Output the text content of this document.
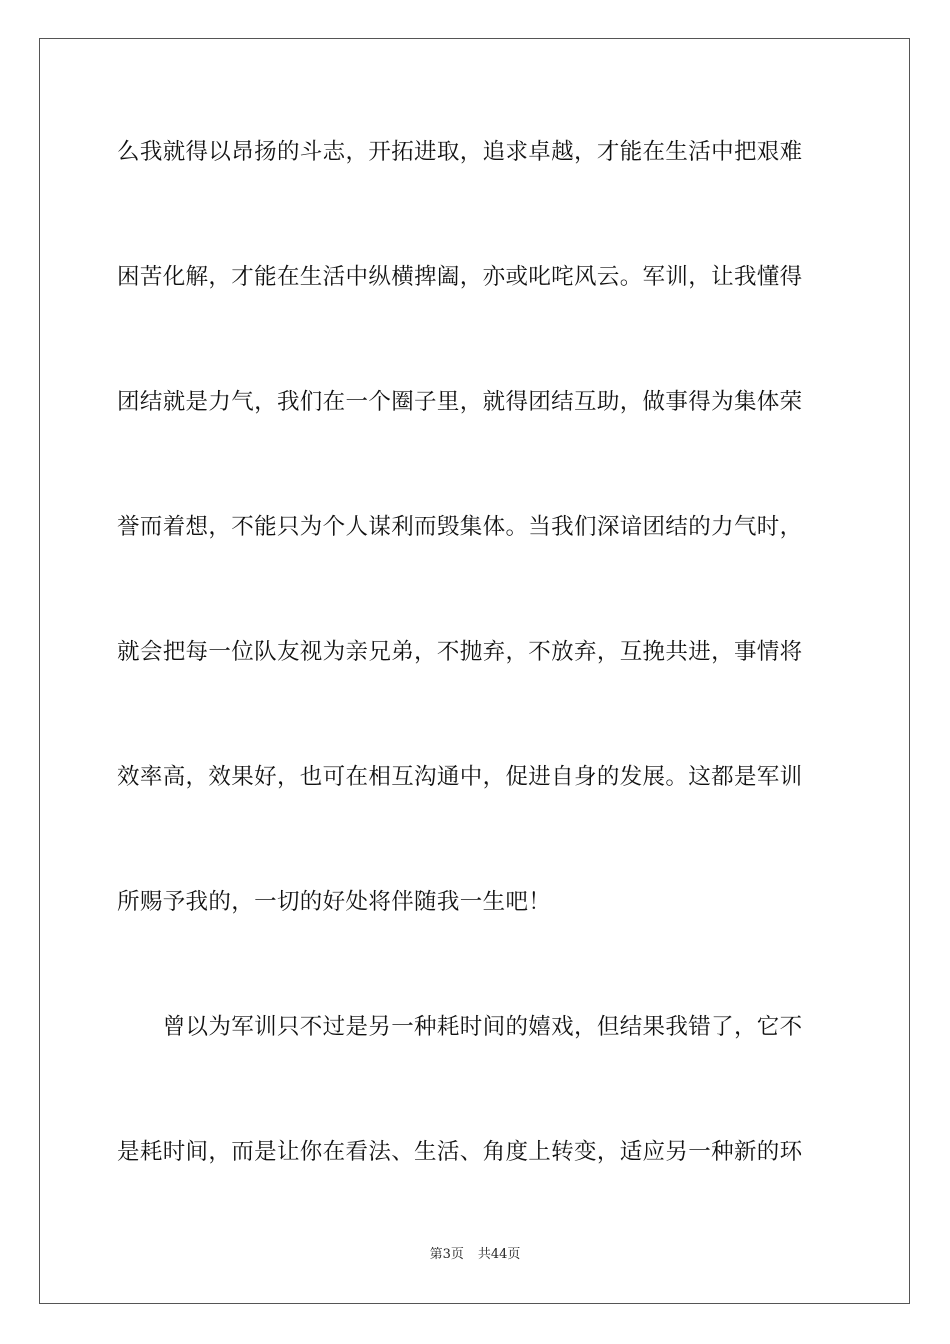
么我就得以昂扬的斗志，开拓进取，追求卓越，才能在生活中把艰难
困苦化解，才能在生活中纵横捭阖，亦或叱咤风云。军训，让我懂得
团结就是力气，我们在一个圈子里，就得团结互助，做事得为集体荣
誉而着想，不能只为个人谋利而毁集体。当我们深谙团结的力气时，
就会把每一位队友视为亲兄弟，不抛弃，不放弃，互挽共进，事情将
效率高，效果好，也可在相互沟通中，促进自身的发展。这都是军训
所赐予我的，一切的好处将伴随我一生吧！
　　曾以为军训只不过是另一种耗时间的嬉戏，但结果我错了，它不
是耗时间，而是让你在看法、生活、角度上转变，适应另一种新的环
第3页 共44页
